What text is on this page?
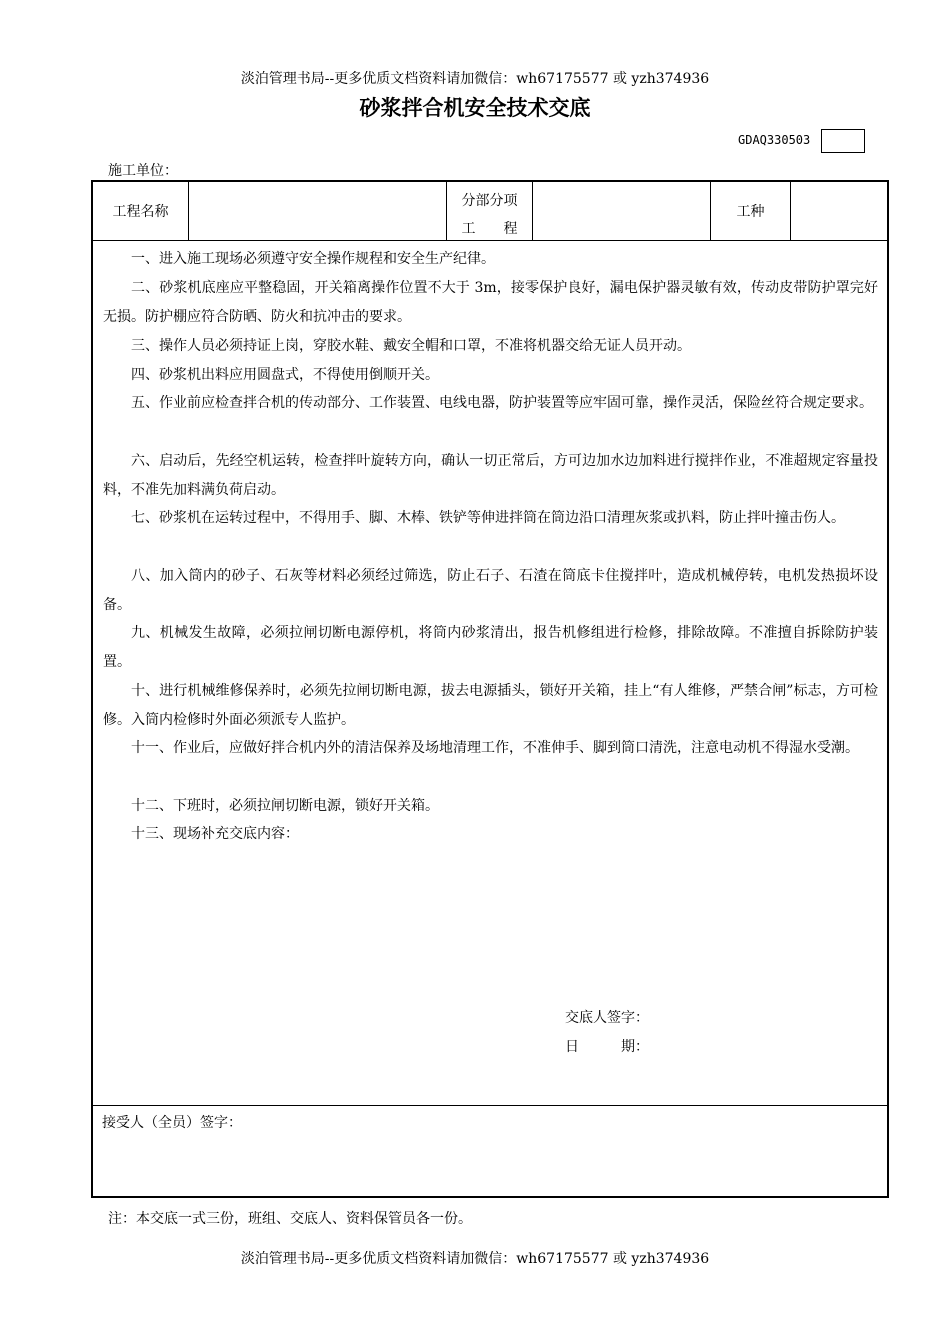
淡泊管理书局--更多优质文档资料请加微信：wh67175577 或 yzh374936
砂浆拌合机安全技术交底
GDAQ330503
施工单位：
工程名称
分部分项
工　　程
工种

一、进入施工现场必须遵守安全操作规程和安全生产纪律。

二、砂浆机底座应平整稳固，开关箱离操作位置不大于 3m，接零保护良好，漏电保护器灵敏有效，传动皮带防护罩完好无损。防护棚应符合防晒、防火和抗冲击的要求。

三、操作人员必须持证上岗，穿胶水鞋、戴安全帽和口罩，不准将机器交给无证人员开动。

四、砂浆机出料应用圆盘式，不得使用倒顺开关。

五、作业前应检查拌合机的传动部分、工作装置、电线电器，防护装置等应牢固可靠，操作灵活，保险丝符合规定要求。

六、启动后，先经空机运转，检查拌叶旋转方向，确认一切正常后，方可边加水边加料进行搅拌作业，不准超规定容量投料，不准先加料满负荷启动。

七、砂浆机在运转过程中，不得用手、脚、木棒、铁铲等伸进拌筒在筒边沿口清理灰浆或扒料，防止拌叶撞击伤人。

八、加入筒内的砂子、石灰等材料必须经过筛选，防止石子、石渣在筒底卡住搅拌叶，造成机械停转，电机发热损坏设备。

九、机械发生故障，必须拉闸切断电源停机，将筒内砂浆清出，报告机修组进行检修，排除故障。不准擅自拆除防护装置。

十、进行机械维修保养时，必须先拉闸切断电源，拔去电源插头，锁好开关箱，挂上“有人维修，严禁合闸”标志，方可检修。入筒内检修时外面必须派专人监护。

十一、作业后，应做好拌合机内外的清洁保养及场地清理工作，不准伸手、脚到筒口清洗，注意电动机不得湿水受潮。

十二、下班时，必须拉闸切断电源，锁好开关箱。

十三、现场补充交底内容：

交底人签字：
日　　　期：
接受人（全员）签字：
注：本交底一式三份，班组、交底人、资料保管员各一份。
淡泊管理书局--更多优质文档资料请加微信：wh67175577 或 yzh374936
